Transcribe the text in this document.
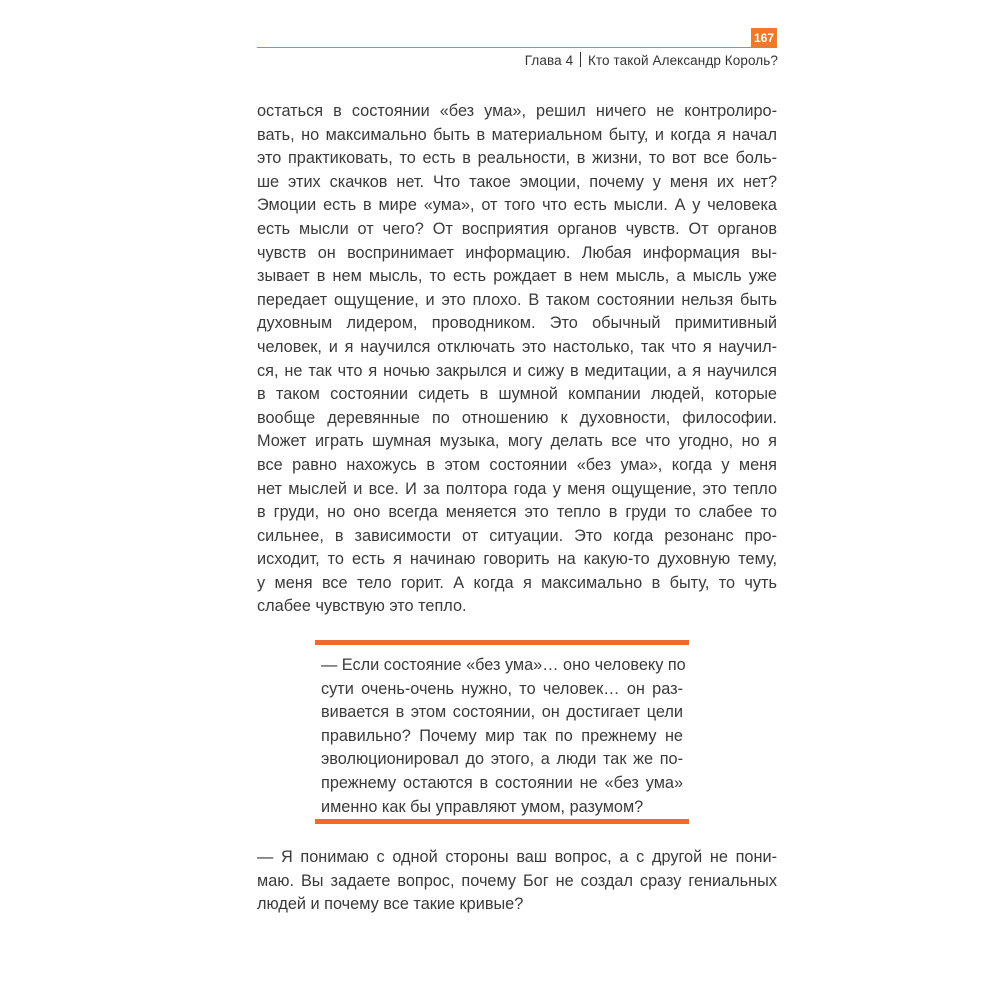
167
Глава 4 Кто такой Александр Король?
остаться в состоянии «без ума», решил ничего не контролиро-
вать, но максимально быть в материальном быту, и когда я начал
это практиковать, то есть в реальности, в жизни, то вот все боль-
ше этих скачков нет. Что такое эмоции, почему у меня их нет?
Эмоции есть в мире «ума», от того что есть мысли. А у человека
есть мысли от чего? От восприятия органов чувств. От органов
чувств он воспринимает информацию. Любая информация вы-
зывает в нем мысль, то есть рождает в нем мысль, а мысль уже
передает ощущение, и это плохо. В таком состоянии нельзя быть
духовным лидером, проводником. Это обычный примитивный
человек, и я научился отключать это настолько, так что я научил-
ся, не так что я ночью закрылся и сижу в медитации, а я научился
в таком состоянии сидеть в шумной компании людей, которые
вообще деревянные по отношению к духовности, философии.
Может играть шумная музыка, могу делать все что угодно, но я
все равно нахожусь в этом состоянии «без ума», когда у меня
нет мыслей и все. И за полтора года у меня ощущение, это тепло
в груди, но оно всегда меняется это тепло в груди то слабее то
сильнее, в зависимости от ситуации. Это когда резонанс про-
исходит, то есть я начинаю говорить на какую-то духовную тему,
у меня все тело горит. А когда я максимально в быту, то чуть
слабее чувствую это тепло.
— Если состояние «без ума»… оно человеку по
сути очень-очень нужно, то человек… он раз-
вивается в этом состоянии, он достигает цели
правильно? Почему мир так по прежнему не
эволюционировал до этого, а люди так же по-
прежнему остаются в состоянии не «без ума»
именно как бы управляют умом, разумом?
— Я понимаю с одной стороны ваш вопрос, а с другой не пони-
маю. Вы задаете вопрос, почему Бог не создал сразу гениальных
людей и почему все такие кривые?
